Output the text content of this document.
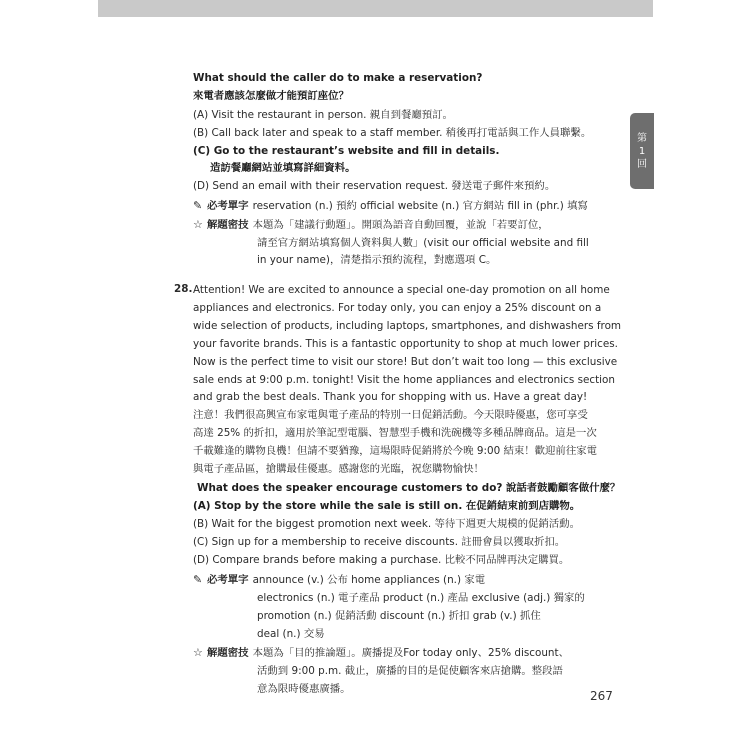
第
1
回
What should the caller do to make a reservation?
來電者應該怎麼做才能預訂座位？
(A) Visit the restaurant in person. 親自到餐廳預訂。
(B) Call back later and speak to a staff member. 稍後再打電話與工作人員聯繫。
(C) Go to the restaurant’s website and fill in details.
造訪餐廳網站並填寫詳細資料。
(D) Send an email with their reservation request. 發送電子郵件來預約。
✎ 必考單字 reservation (n.) 預約 official website (n.) 官方網站 fill in (phr.) 填寫
☆ 解題密技 本題為「建議行動題」。開頭為語音自動回覆，並說「若要訂位，
請至官方網站填寫個人資料與人數」(visit our official website and fill
in your name)，清楚指示預約流程，對應選項 C。
28. Attention! We are excited to announce a special one-day promotion on all home
appliances and electronics. For today only, you can enjoy a 25% discount on a
wide selection of products, including laptops, smartphones, and dishwashers from
your favorite brands. This is a fantastic opportunity to shop at much lower prices.
Now is the perfect time to visit our store! But don’t wait too long — this exclusive
sale ends at 9:00 p.m. tonight! Visit the home appliances and electronics section
and grab the best deals. Thank you for shopping with us. Have a great day!
注意！我們很高興宣布家電與電子產品的特別一日促銷活動。今天限時優惠，您可享受
高達 25% 的折扣，適用於筆記型電腦、智慧型手機和洗碗機等多種品牌商品。這是一次
千載難逢的購物良機！但請不要猶豫，這場限時促銷將於今晚 9:00 結束！歡迎前往家電
與電子產品區，搶購最佳優惠。感謝您的光臨，祝您購物愉快！
What does the speaker encourage customers to do? 說話者鼓勵顧客做什麼？
(A) Stop by the store while the sale is still on. 在促銷結束前到店購物。
(B) Wait for the biggest promotion next week. 等待下週更大規模的促銷活動。
(C) Sign up for a membership to receive discounts. 註冊會員以獲取折扣。
(D) Compare brands before making a purchase. 比較不同品牌再決定購買。
✎ 必考單字 announce (v.) 公布 home appliances (n.) 家電
electronics (n.) 電子產品 product (n.) 產品 exclusive (adj.) 獨家的
promotion (n.) 促銷活動 discount (n.) 折扣 grab (v.) 抓住
deal (n.) 交易
☆ 解題密技 本題為「目的推論題」。廣播提及For today only、25% discount、
活動到 9:00 p.m. 截止，廣播的目的是促使顧客來店搶購。整段語
意為限時優惠廣播。	267
